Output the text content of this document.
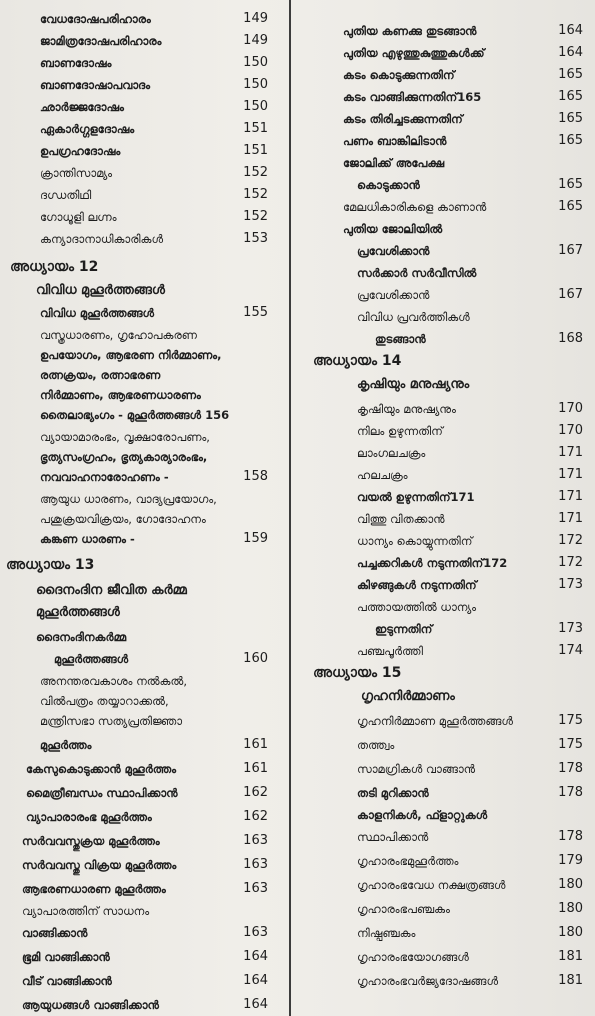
വേധദോഷപരിഹാരം	149
ജാമിത്രദോഷപരിഹാരം	149
ബാണദോഷം	150
ബാണദോഷാപവാദം	150
ഛാർജ്ജദോഷം	150
ഏകാർഗ്ഗളദോഷം	151
ഉപഗ്രഹദോഷം	151
ക്രാന്തിസാമ്യം	152
ദഗ്ധതിഥി	152
ഗോധൂളി ലഗ്നം	152
കന്യാദാനാധികാരികൾ	153
അധ്യായം 12
വിവിധ മുഹൂർത്തങ്ങൾ
വിവിധ മുഹൂർത്തങ്ങൾ	155
വസ്ത്രധാരണം, ഗൃഹോപകരണ
ഉപയോഗം, ആഭരണ നിർമ്മാണം,
രത്നക്രയം, രത്നാഭരണ
നിർമ്മാണം, ആഭരണധാരണം
തൈലാഭ്യംഗം - മുഹൂർത്തങ്ങൾ 156
വ്യായാമാരംഭം, വൃക്ഷാരോപണം,
ഭൃത്യസംഗ്രഹം, ഭൃത്യകാര്യാരംഭം,
നവവാഹനാരോഹണം -	158
ആയുധ ധാരണം, വാദ്യപ്രയോഗം,
പശുക്രയവിക്രയം, ഗോദോഹനം
കങ്കണ ധാരണം -	159
അധ്യായം 13
ദൈനംദിന ജീവിത കർമ്മ
മുഹൂർത്തങ്ങൾ
ദൈനംദിനകർമ്മ
മുഹൂർത്തങ്ങൾ	160
അനന്തരവകാശം നൽകൽ,
വിൽപത്രം തയ്യാറാക്കൽ,
മന്ത്രിസഭാ സത്യപ്രതിജ്ഞാ
മുഹൂർത്തം	161
കേസുകൊടുക്കാൻ മുഹൂർത്തം	161
മൈത്രീബന്ധം സ്ഥാപിക്കാൻ	162
വ്യാപാരാരംഭ മുഹൂർത്തം	162
സർവവസ്തുക്രയ മുഹൂർത്തം	163
സർവവസ്തു വിക്രയ മുഹൂർത്തം	163
ആഭരണധാരണ മുഹൂർത്തം	163
വ്യാപാരത്തിന് സാധനം
വാങ്ങിക്കാൻ	163
ഭൂമി വാങ്ങിക്കാൻ	164
വീട് വാങ്ങിക്കാൻ	164
ആയുധങ്ങൾ വാങ്ങിക്കാൻ	164
പുതിയ കണക്കു തുടങ്ങാൻ	164
പുതിയ എഴുത്തുകുത്തുകൾക്ക്	164
കടം കൊടുക്കുന്നതിന്	165
കടം വാങ്ങിക്കുന്നതിന്165	165
കടം തിരിച്ചടക്കുന്നതിന്	165
പണം ബാങ്കിലിടാൻ	165
ജോലിക്ക് അപേക്ഷ
കൊടുക്കാൻ	165
മേലധികാരികളെ കാണാൻ	165
പുതിയ ജോലിയിൽ
പ്രവേശിക്കാൻ	167
സർക്കാർ സർവീസിൽ
പ്രവേശിക്കാൻ	167
വിവിധ പ്രവർത്തികൾ
തുടങ്ങാൻ	168
അധ്യായം 14
കൃഷിയും മനുഷ്യനും
കൃഷിയും മനുഷ്യനും	170
നിലം ഉഴുന്നതിന്	170
ലാംഗലചക്രം	171
ഹലചക്രം	171
വയൽ ഉഴുന്നതിന്171	171
വിത്തു വിതക്കാൻ	171
ധാന്യം കൊയ്യുന്നതിന്	172
പച്ചക്കറികൾ നടുന്നതിന്172	172
കിഴങ്ങുകൾ നടുന്നതിന്	173
പത്തായത്തിൽ ധാന്യം
ഇടുന്നതിന്	173
പഞ്ചപൂർത്തി	174
അധ്യായം 15
ഗൃഹനിർമ്മാണം
ഗൃഹനിർമ്മാണ മുഹൂർത്തങ്ങൾ	175
തത്ത്വം	175
സാമഗ്രികൾ വാങ്ങാൻ	178
തടി മുറിക്കാൻ	178
കാളനികൾ, ഫ്ളാറ്റുകൾ
സ്ഥാപിക്കാൻ	178
ഗൃഹാരംഭമുഹൂർത്തം	179
ഗൃഹാരംഭവേധ നക്ഷത്രങ്ങൾ	180
ഗൃഹാരംഭപഞ്ചകം	180
നിഷ്പഞ്ചകം	180
ഗൃഹാരംഭയോഗങ്ങൾ	181
ഗൃഹാരംഭവർജ്യദോഷങ്ങൾ	181
